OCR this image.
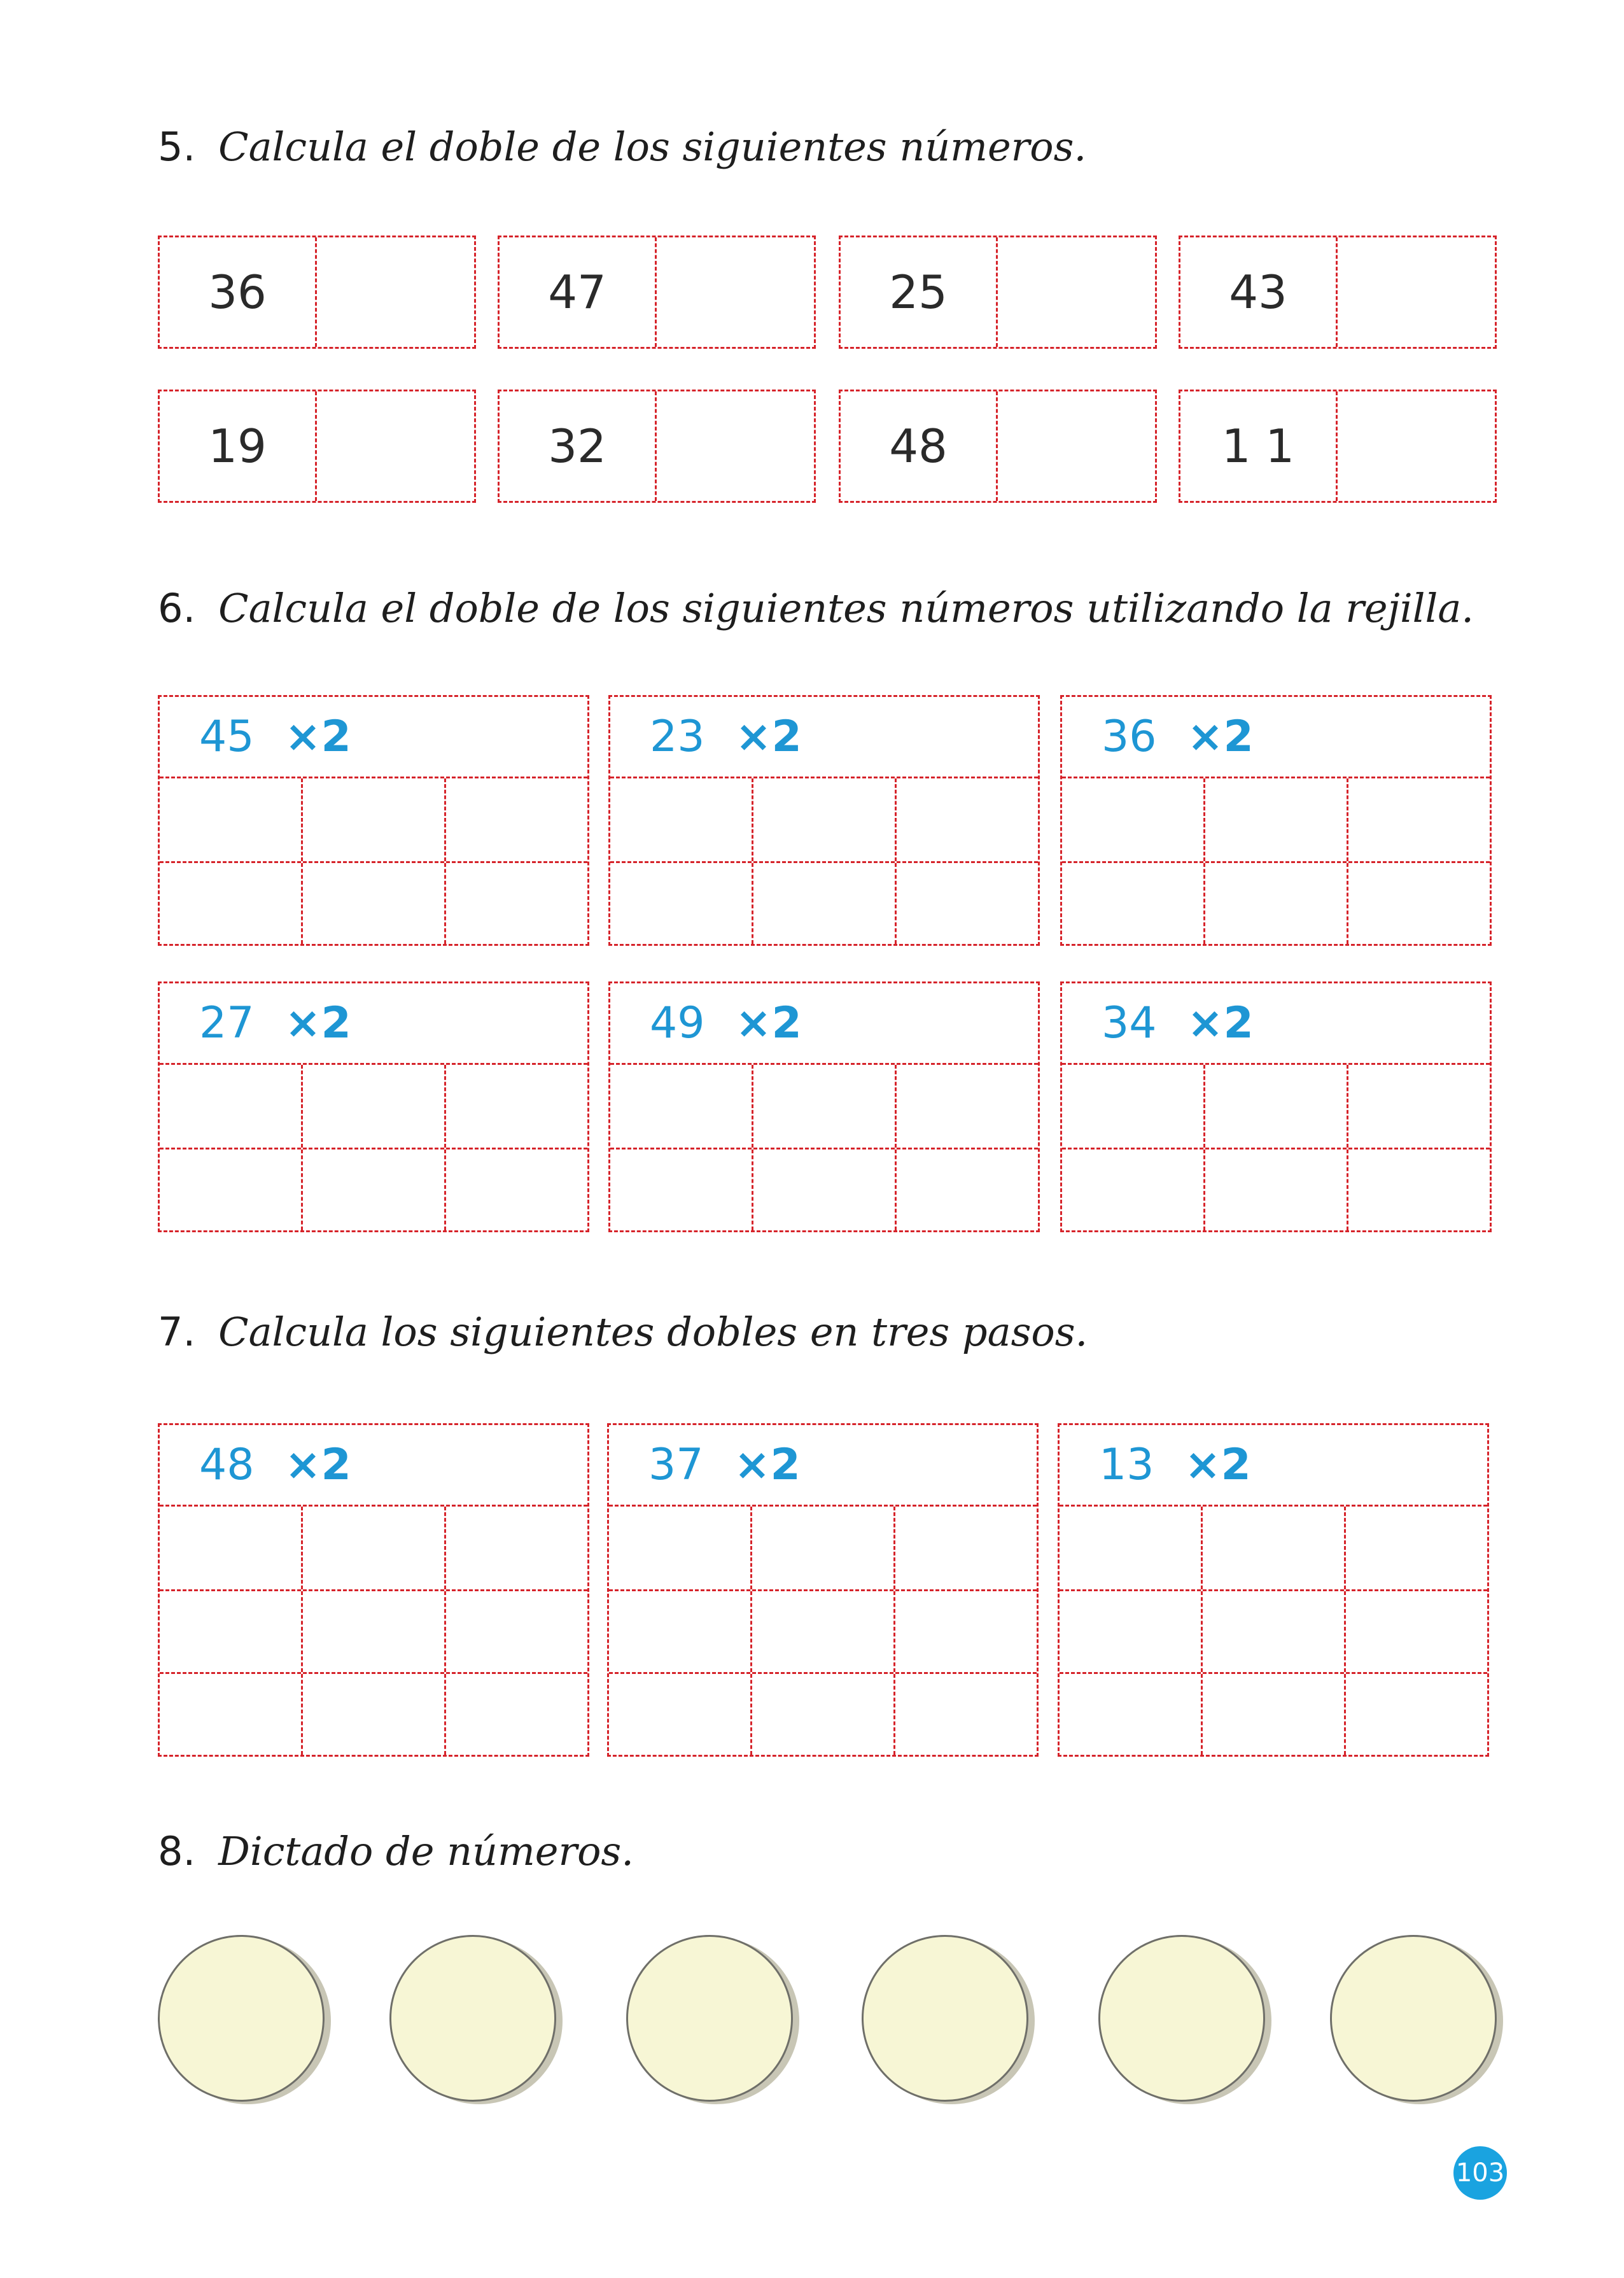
5. Calcula el doble de los siguientes números.
36	47	25	43
19	32	48	1 1
6. Calcula el doble de los siguientes números utilizando la rejilla.
45 ×2	23 ×2	36 ×2
27 ×2	49 ×2	34 ×2
7. Calcula los siguientes dobles en tres pasos.
48 ×2	37 ×2	13 ×2
8. Dictado de números.
103
